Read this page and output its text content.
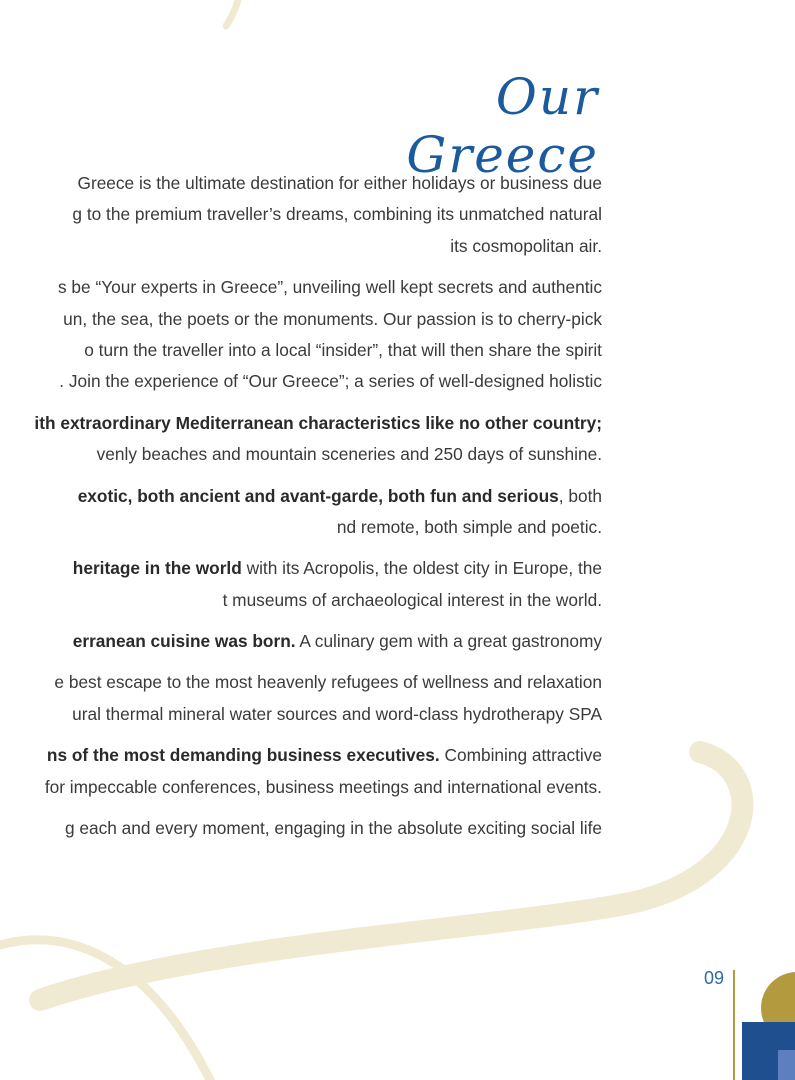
Our Greece
Greece is the ultimate destination for either holidays or business due
g to the premium traveller’s dreams, combining its unmatched natural
its cosmopolitan air.
s be “Your experts in Greece”, unveiling well kept secrets and authentic
un, the sea, the poets or the monuments. Our passion is to cherry-pick
o turn the traveller into a local “insider”, that will then share the spirit
. Join the experience of “Our Greece”; a series of well-designed holistic
ith extraordinary Mediterranean characteristics like no other country;
venly beaches and mountain sceneries and 250 days of sunshine.
exotic, both ancient and avant-garde, both fun and serious, both
nd remote, both simple and poetic.
heritage in the world with its Acropolis, the oldest city in Europe, the
t museums of archaeological interest in the world.
erranean cuisine was born. A culinary gem with a great gastronomy
e best escape to the most heavenly refugees of wellness and relaxation
ural thermal mineral water sources and word-class hydrotherapy SPA
ns of the most demanding business executives. Combining attractive
for impeccable conferences, business meetings and international events.
g each and every moment, engaging in the absolute exciting social life
09
